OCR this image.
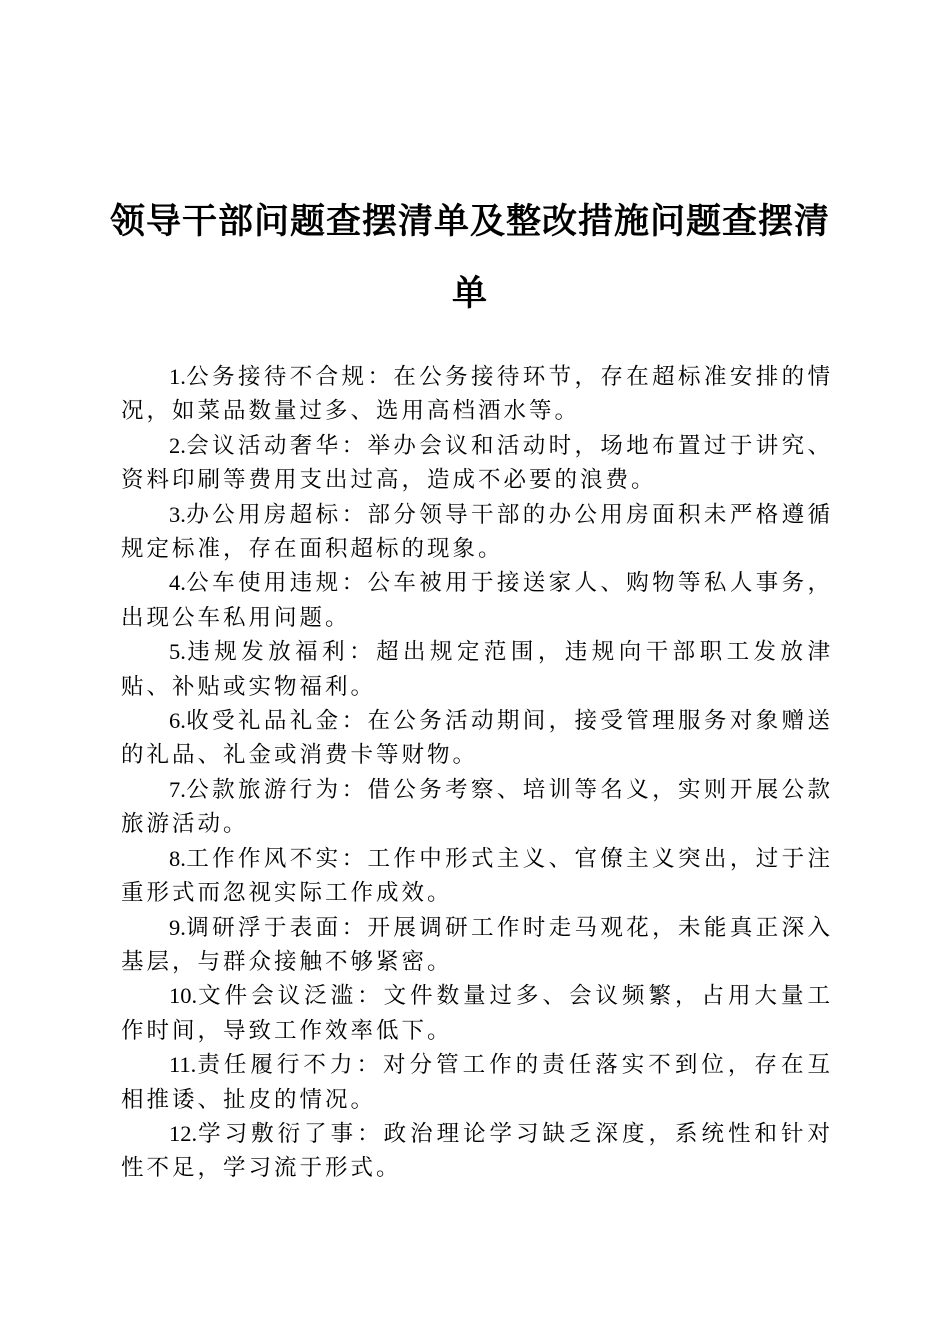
领导干部问题查摆清单及整改措施问题查摆清单

1.公务接待不合规：在公务接待环节，存在超标准安排的情况，如菜品数量过多、选用高档酒水等。

2.会议活动奢华：举办会议和活动时，场地布置过于讲究、资料印刷等费用支出过高，造成不必要的浪费。

3.办公用房超标：部分领导干部的办公用房面积未严格遵循规定标准，存在面积超标的现象。

4.公车使用违规：公车被用于接送家人、购物等私人事务，出现公车私用问题。

5.违规发放福利：超出规定范围，违规向干部职工发放津贴、补贴或实物福利。

6.收受礼品礼金：在公务活动期间，接受管理服务对象赠送的礼品、礼金或消费卡等财物。

7.公款旅游行为：借公务考察、培训等名义，实则开展公款旅游活动。

8.工作作风不实：工作中形式主义、官僚主义突出，过于注重形式而忽视实际工作成效。

9.调研浮于表面：开展调研工作时走马观花，未能真正深入基层，与群众接触不够紧密。

10.文件会议泛滥：文件数量过多、会议频繁，占用大量工作时间，导致工作效率低下。

11.责任履行不力：对分管工作的责任落实不到位，存在互相推诿、扯皮的情况。

12.学习敷衍了事：政治理论学习缺乏深度，系统性和针对性不足，学习流于形式。
